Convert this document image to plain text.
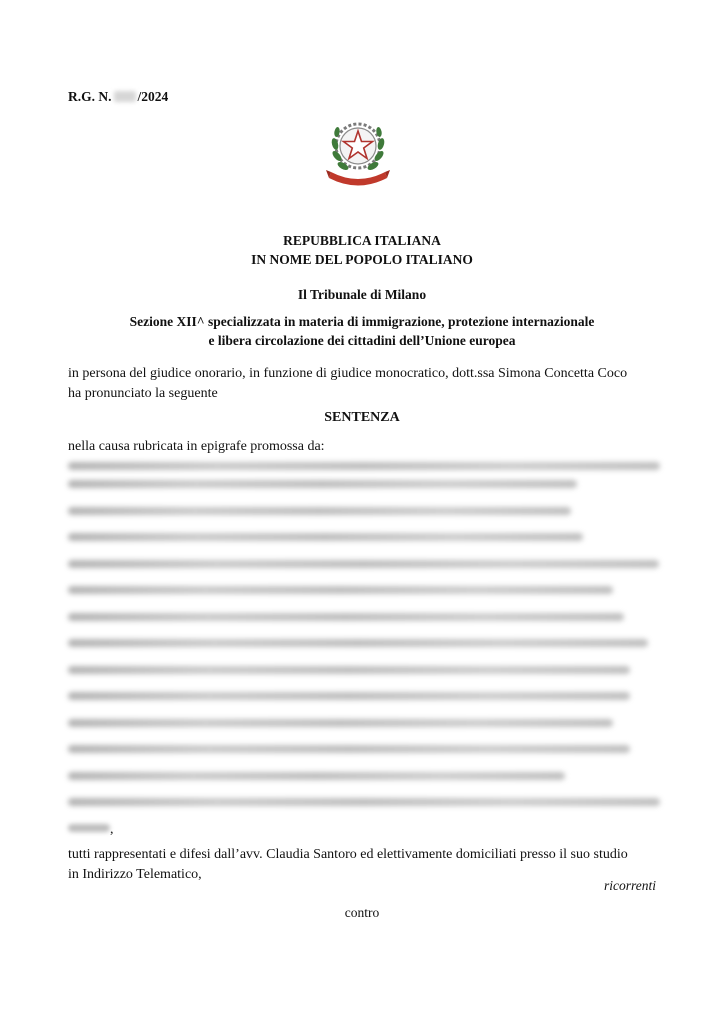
R.G. N. /2024
REPUBBLICA ITALIANA
IN NOME DEL POPOLO ITALIANO
Il Tribunale di Milano
Sezione XII^ specializzata in materia di immigrazione, protezione internazionale
e libera circolazione dei cittadini dell’Unione europea
in persona del giudice onorario, in funzione di giudice monocratico, dott.ssa Simona Concetta Coco
ha pronunciato la seguente
SENTENZA
nella causa rubricata in epigrafe promossa da:
,
tutti rappresentati e difesi dall’avv. Claudia Santoro ed elettivamente domiciliati presso il suo studio
in Indirizzo Telematico,
ricorrenti
contro
